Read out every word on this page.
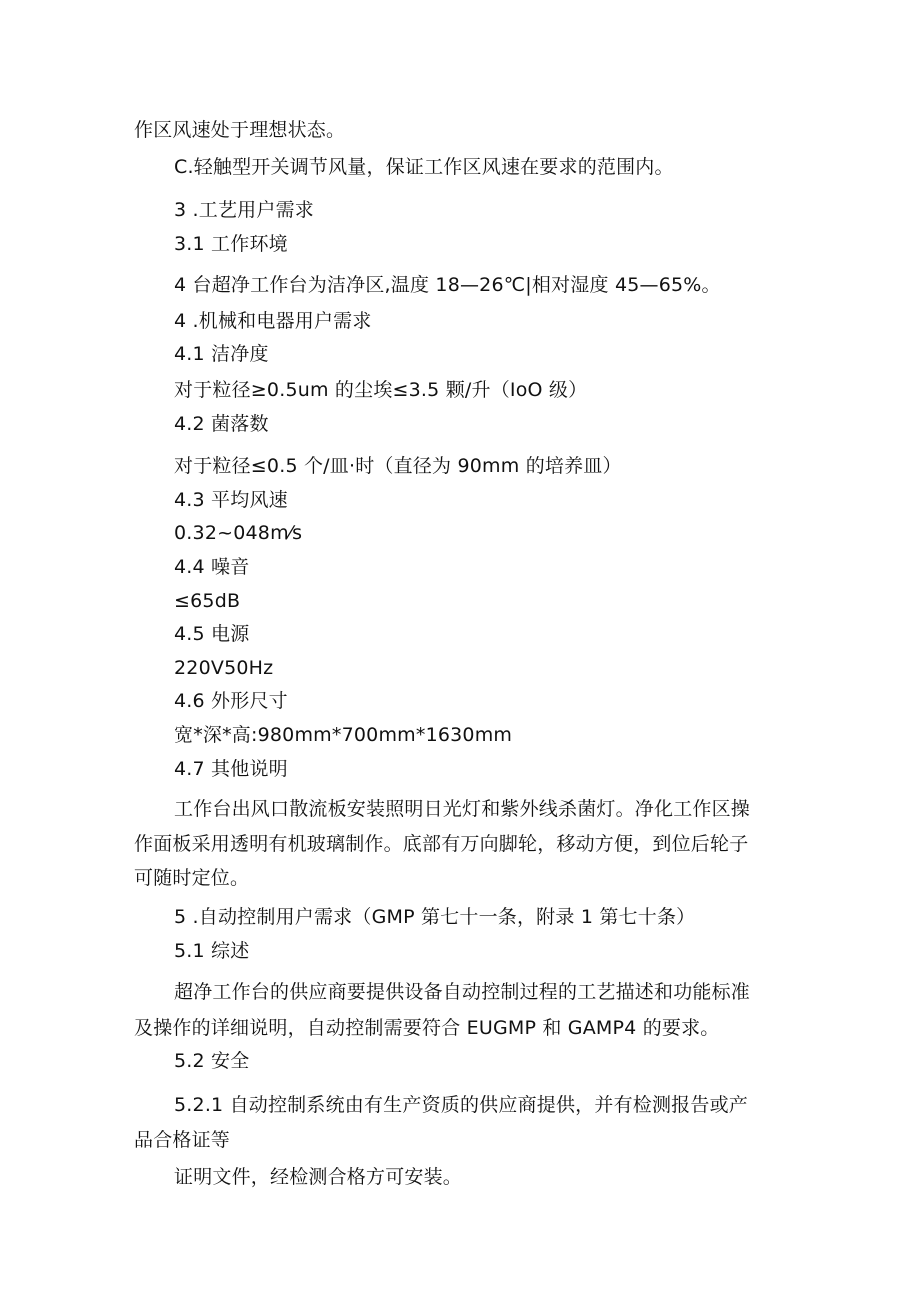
作区风速处于理想状态。
C.轻触型开关调节风量，保证工作区风速在要求的范围内。
3 .工艺用户需求
3.1 工作环境
4 台超净工作台为洁净区,温度 18—26℃|相对湿度 45—65%。
4 .机械和电器用户需求
4.1 洁净度
对于粒径≥0.5um 的尘埃≤3.5 颗/升（IoO 级）
4.2 菌落数
对于粒径≤0.5 个/皿·时（直径为 90mm 的培养皿）
4.3 平均风速
0.32~048m⁄s
4.4 噪音
≤65dB
4.5 电源
220V50Hz
4.6 外形尺寸
宽*深*高:980mm*700mm*1630mm
4.7 其他说明
工作台出风口散流板安装照明日光灯和紫外线杀菌灯。净化工作区操
作面板采用透明有机玻璃制作。底部有万向脚轮，移动方便，到位后轮子
可随时定位。
5 .自动控制用户需求（GMP 第七十一条，附录 1 第七十条）
5.1 综述
超净工作台的供应商要提供设备自动控制过程的工艺描述和功能标准
及操作的详细说明，自动控制需要符合 EUGMP 和 GAMP4 的要求。
5.2 安全
5.2.1 自动控制系统由有生产资质的供应商提供，并有检测报告或产
品合格证等
证明文件，经检测合格方可安装。
